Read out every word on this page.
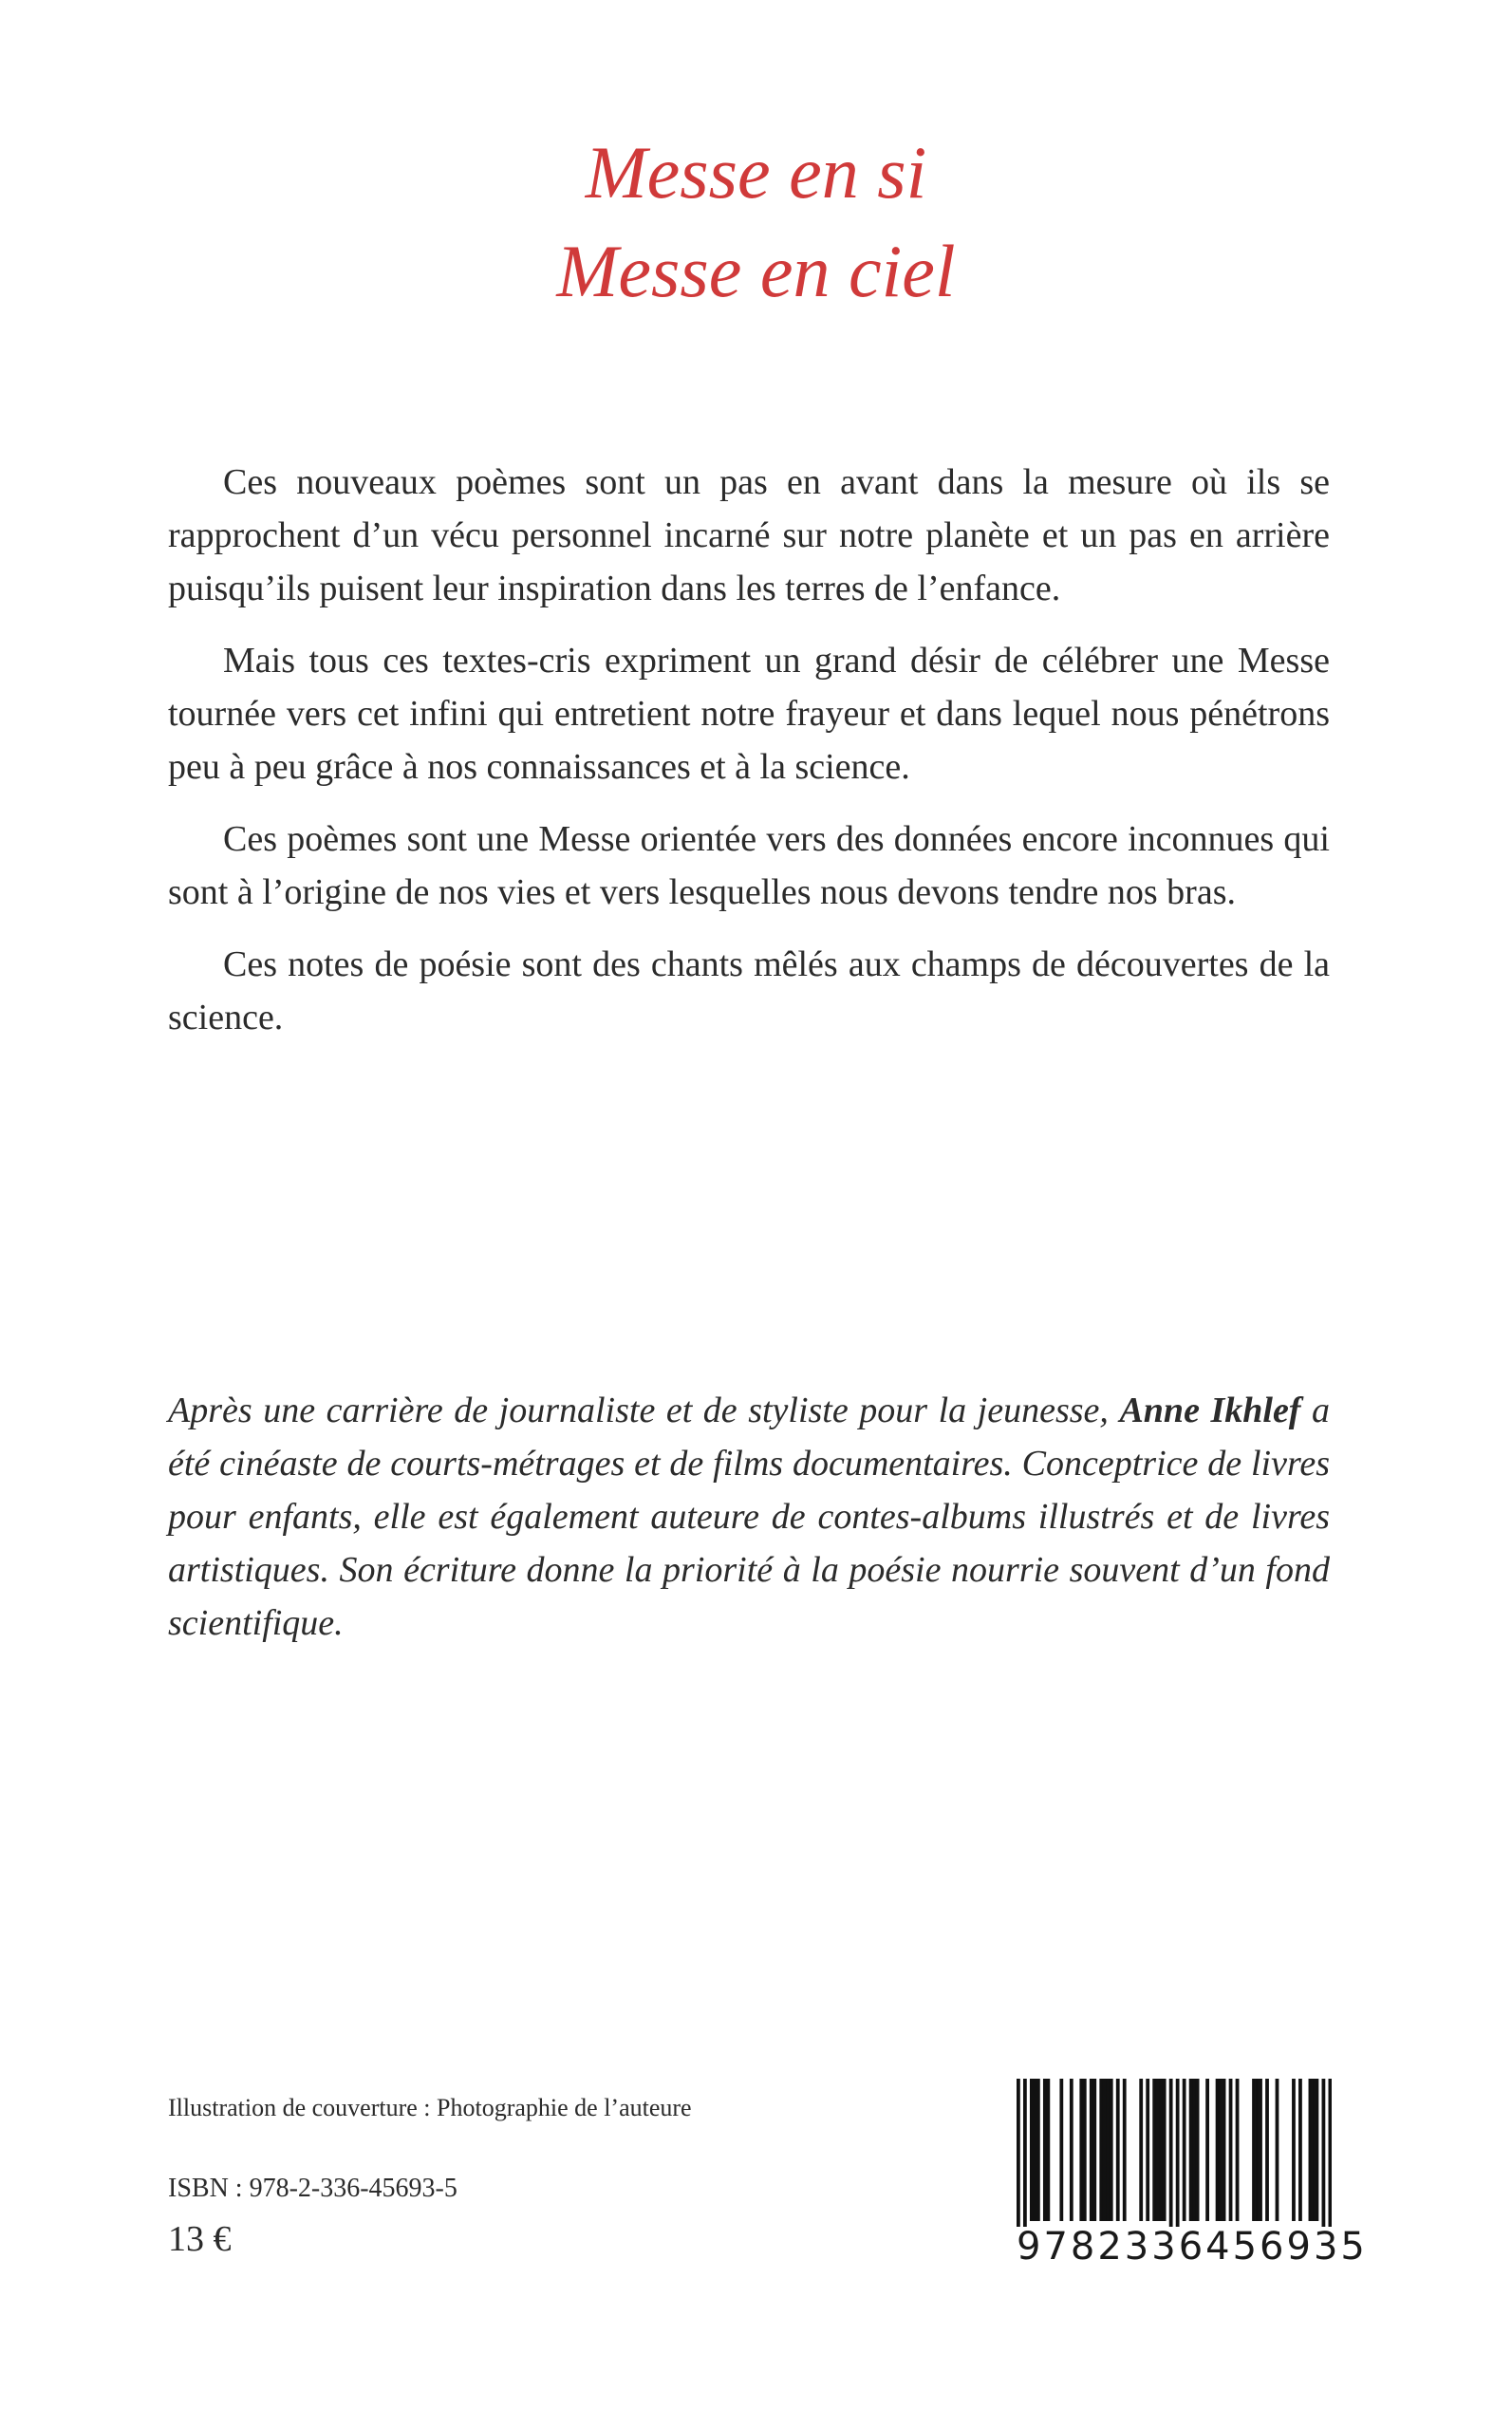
Messe en si
Messe en ciel

Ces nouveaux poèmes sont un pas en avant dans la mesure où ils se rapprochent d’un vécu personnel incarné sur notre planète et un pas en arrière puisqu’ils puisent leur inspiration dans les terres de l’enfance.

Mais tous ces textes-cris expriment un grand désir de célébrer une Messe tournée vers cet infini qui entretient notre frayeur et dans lequel nous pénétrons peu à peu grâce à nos connaissances et à la science.

Ces poèmes sont une Messe orientée vers des données encore inconnues qui sont à l’origine de nos vies et vers lesquelles nous devons tendre nos bras.

Ces notes de poésie sont des chants mêlés aux champs de découvertes de la science.

Après une carrière de journaliste et de styliste pour la jeunesse, Anne Ikhlef a été cinéaste de courts-métrages et de films documentaires. Conceptrice de livres pour enfants, elle est également auteure de contes-albums illustrés et de livres artistiques. Son écriture donne la priorité à la poésie nourrie souvent d’un fond scientifique.

Illustration de couverture : Photographie de l’auteure
ISBN : 978-2-336-45693-5
13 €	9782336456935
